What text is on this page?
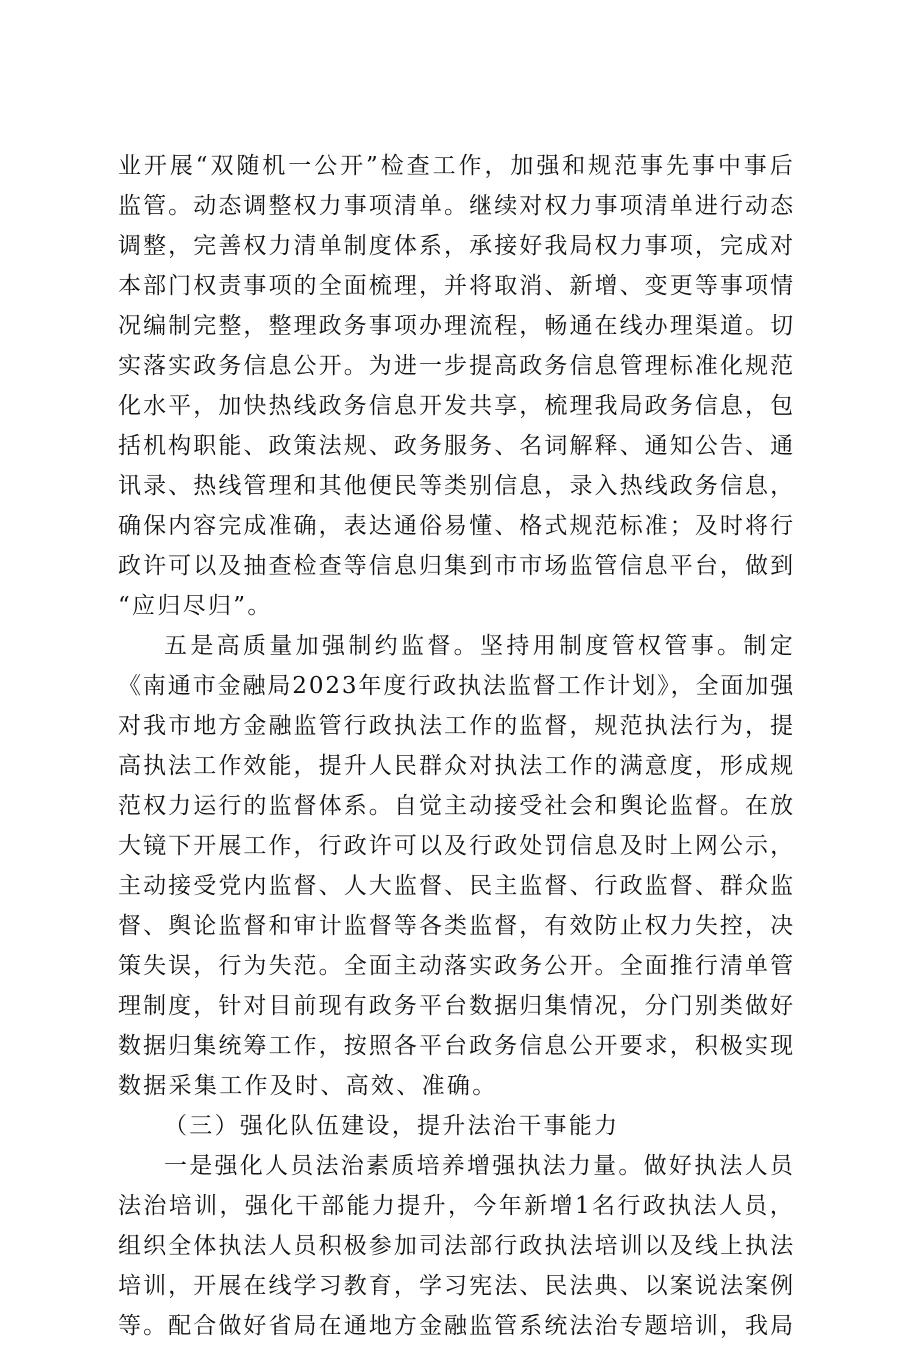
业开展“双随机一公开”检查工作，加强和规范事先事中事后
监管。动态调整权力事项清单。继续对权力事项清单进行动态
调整，完善权力清单制度体系，承接好我局权力事项，完成对
本部门权责事项的全面梳理，并将取消、新增、变更等事项情
况编制完整，整理政务事项办理流程，畅通在线办理渠道。切
实落实政务信息公开。为进一步提高政务信息管理标准化规范
化水平，加快热线政务信息开发共享，梳理我局政务信息，包
括机构职能、政策法规、政务服务、名词解释、通知公告、通
讯录、热线管理和其他便民等类别信息，录入热线政务信息，
确保内容完成准确，表达通俗易懂、格式规范标准；及时将行
政许可以及抽查检查等信息归集到市市场监管信息平台，做到
“应归尽归”。
五是高质量加强制约监督。坚持用制度管权管事。制定
《南通市金融局2023年度行政执法监督工作计划》，全面加强
对我市地方金融监管行政执法工作的监督，规范执法行为，提
高执法工作效能，提升人民群众对执法工作的满意度，形成规
范权力运行的监督体系。自觉主动接受社会和舆论监督。在放
大镜下开展工作，行政许可以及行政处罚信息及时上网公示，
主动接受党内监督、人大监督、民主监督、行政监督、群众监
督、舆论监督和审计监督等各类监督，有效防止权力失控，决
策失误，行为失范。全面主动落实政务公开。全面推行清单管
理制度，针对目前现有政务平台数据归集情况，分门别类做好
数据归集统筹工作，按照各平台政务信息公开要求，积极实现
数据采集工作及时、高效、准确。
（三）强化队伍建设，提升法治干事能力
一是强化人员法治素质培养增强执法力量。做好执法人员
法治培训，强化干部能力提升，今年新增1名行政执法人员，
组织全体执法人员积极参加司法部行政执法培训以及线上执法
培训，开展在线学习教育，学习宪法、民法典、以案说法案例
等。配合做好省局在通地方金融监管系统法治专题培训，我局
